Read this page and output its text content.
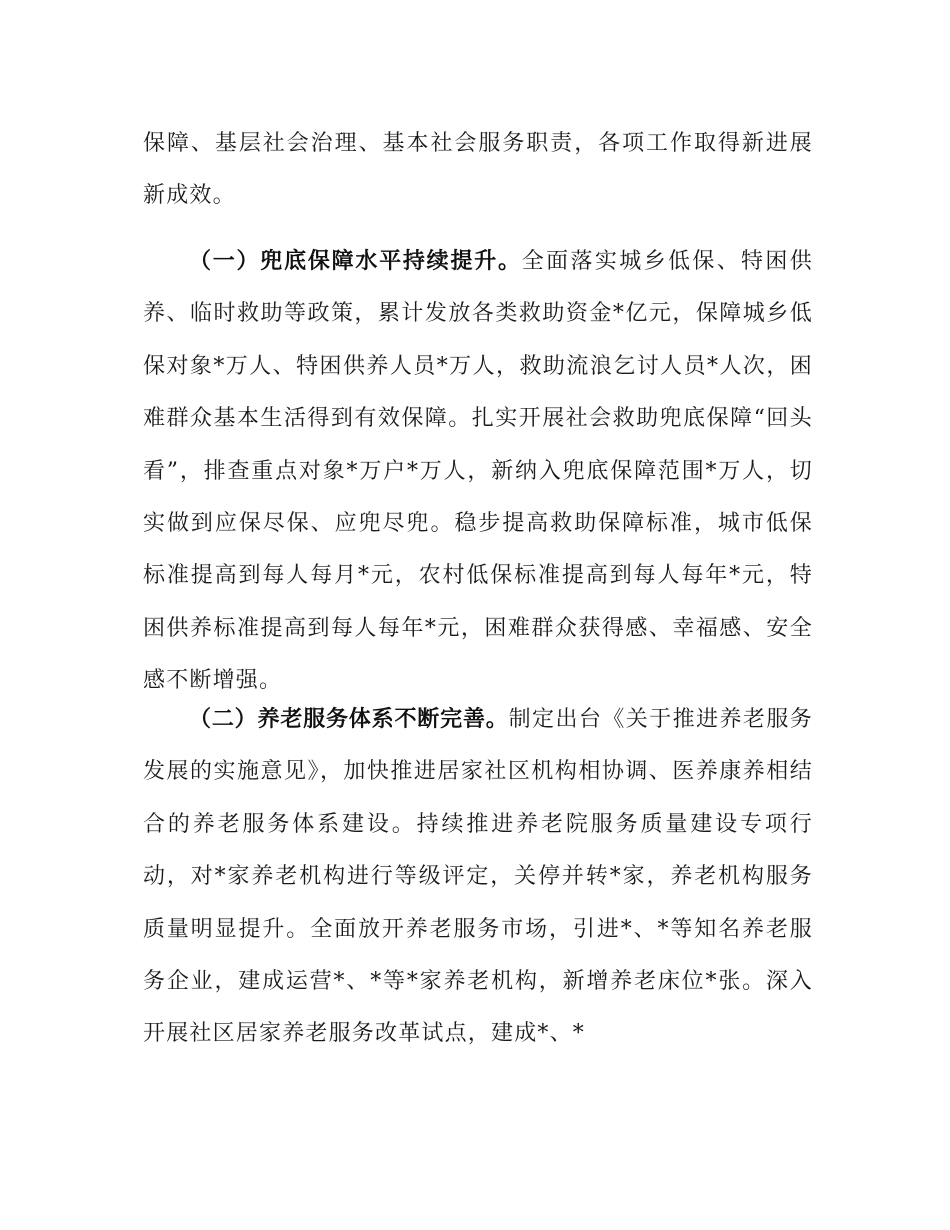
保障、基层社会治理、基本社会服务职责，各项工作取得新进展新成效。

（一）兜底保障水平持续提升。全面落实城乡低保、特困供养、临时救助等政策，累计发放各类救助资金*亿元，保障城乡低保对象*万人、特困供养人员*万人，救助流浪乞讨人员*人次，困难群众基本生活得到有效保障。扎实开展社会救助兜底保障“回头看”，排查重点对象*万户*万人，新纳入兜底保障范围*万人，切实做到应保尽保、应兜尽兜。稳步提高救助保障标准，城市低保标准提高到每人每月*元，农村低保标准提高到每人每年*元，特困供养标准提高到每人每年*元，困难群众获得感、幸福感、安全感不断增强。

（二）养老服务体系不断完善。制定出台《关于推进养老服务发展的实施意见》，加快推进居家社区机构相协调、医养康养相结合的养老服务体系建设。持续推进养老院服务质量建设专项行动，对*家养老机构进行等级评定，关停并转*家，养老机构服务质量明显提升。全面放开养老服务市场，引进*、*等知名养老服务企业，建成运营*、*等*家养老机构，新增养老床位*张。深入开展社区居家养老服务改革试点，建成*、*
